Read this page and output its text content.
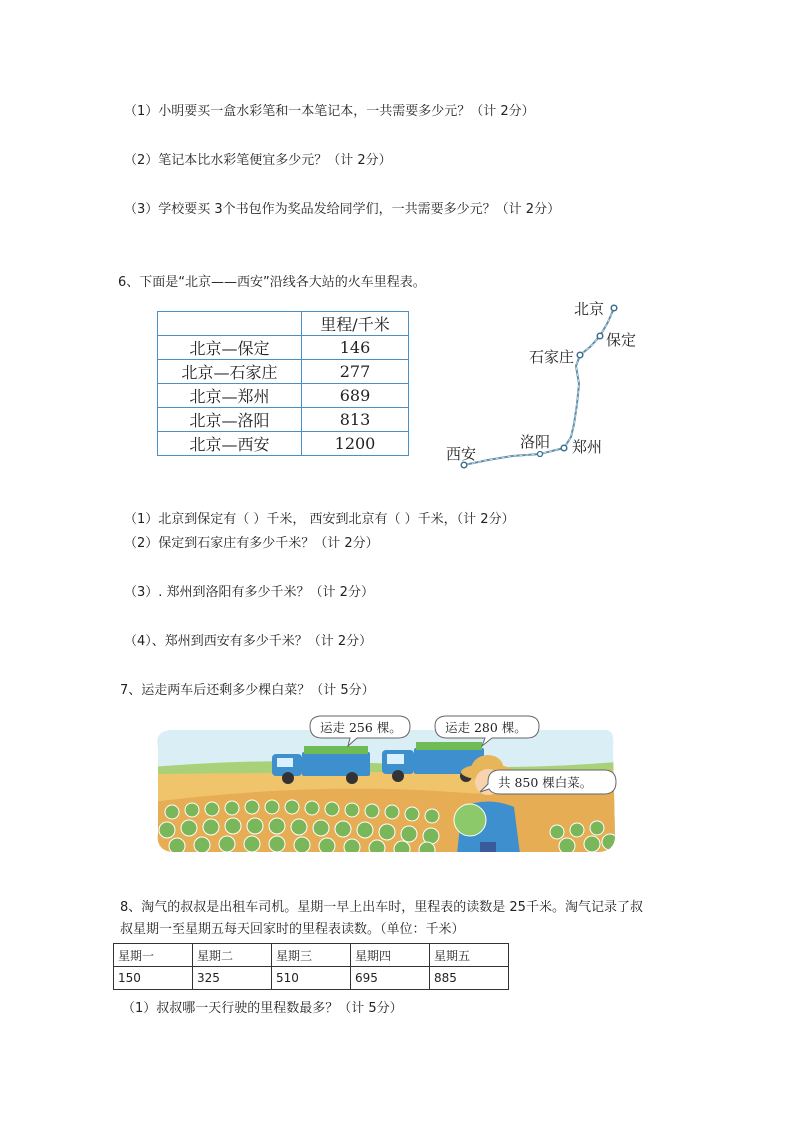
（1）小明要买一盒水彩笔和一本笔记本，一共需要多少元？（计 2分）
（2）笔记本比水彩笔便宜多少元？（计 2分）
（3）学校要买 3个书包作为奖品发给同学们，一共需要多少元？（计 2分）
6、下面是“北京——西安”沿线各大站的火车里程表。
	里程/千米
北京—保定	146
北京—石家庄	277
北京—郑州	689
北京—洛阳	813
北京—西安	1200
北京
保定
石家庄
郑州
洛阳
西安
（1）北京到保定有（ ）千米， 西安到北京有（ ）千米，（计 2分）
（2）保定到石家庄有多少千米？（计 2分）
（3）. 郑州到洛阳有多少千米？（计 2分）
（4）、郑州到西安有多少千米？（计 2分）
7、运走两车后还剩多少棵白菜？（计 5分）
运走 256 棵。	运走 280 棵。
共 850 棵白菜。
8、淘气的叔叔是出租车司机。星期一早上出车时，里程表的读数是 25千米。淘气记录了叔
叔星期一至星期五每天回家时的里程表读数。（单位：千米）
星期一	星期二	星期三	星期四	星期五
150	325	510	695	885
（1）叔叔哪一天行驶的里程数最多？（计 5分）
